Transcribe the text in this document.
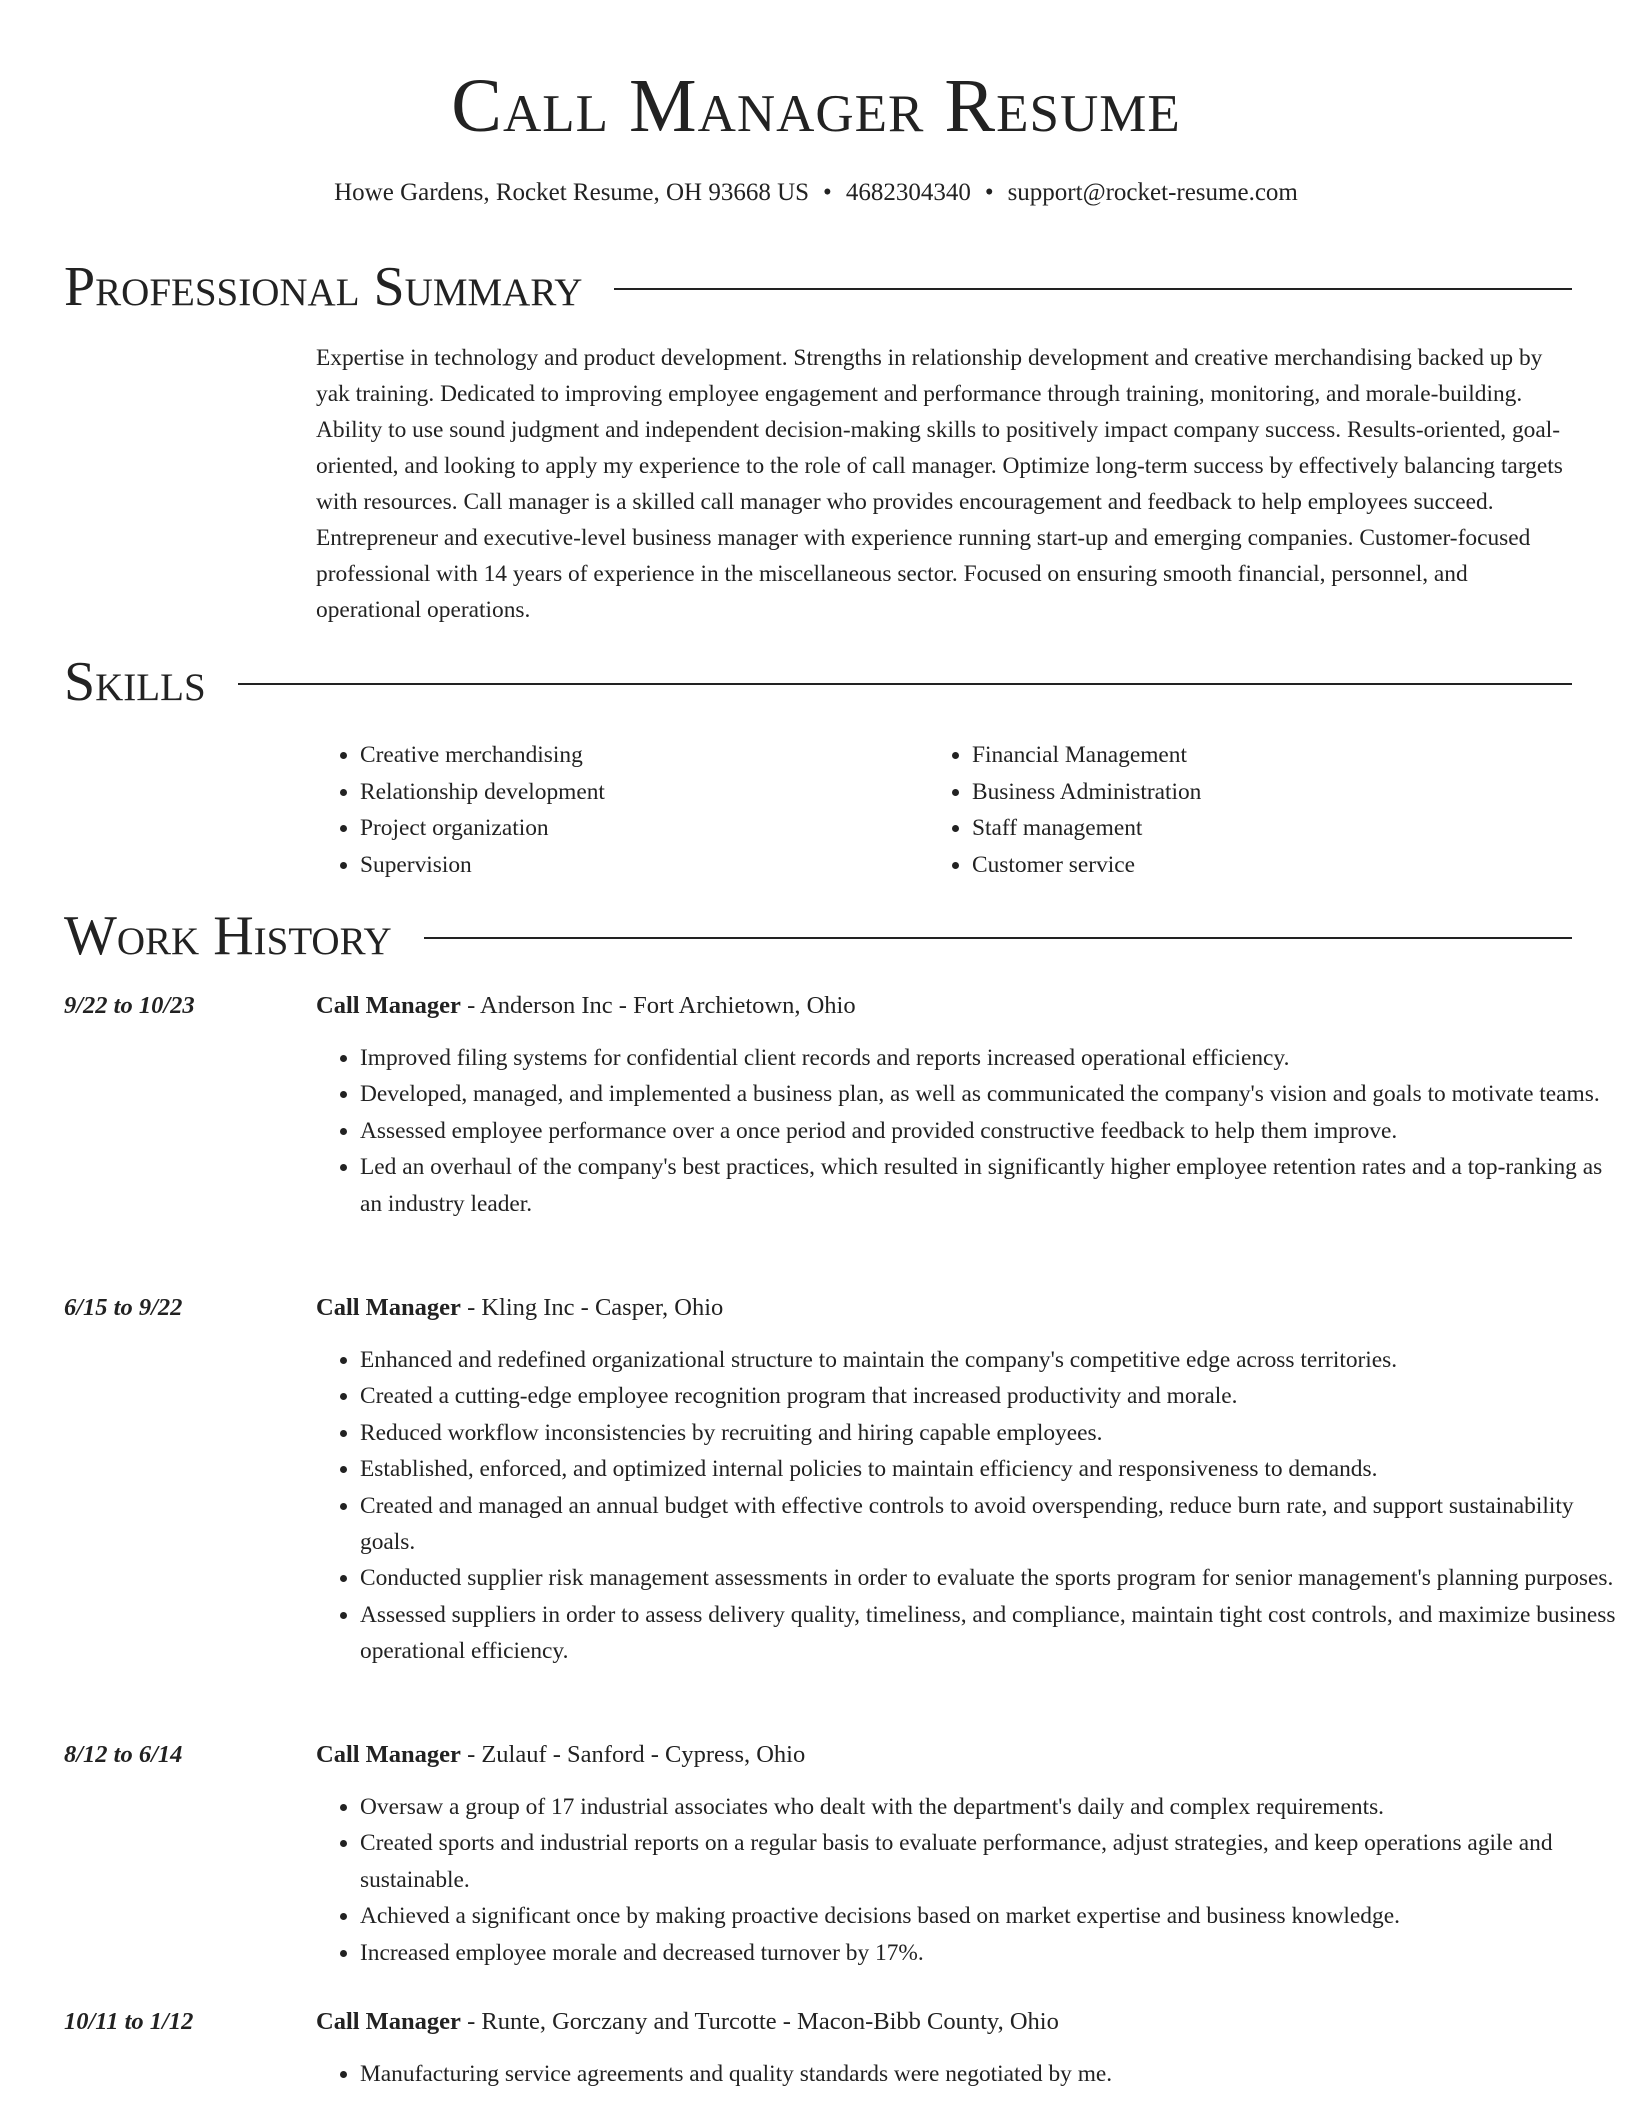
Call Manager Resume
Howe Gardens, Rocket Resume, OH 93668 US • 4682304340 • support@rocket-resume.com
Professional Summary
Expertise in technology and product development. Strengths in relationship development and creative merchandising backed up by yak training. Dedicated to improving employee engagement and performance through training, monitoring, and morale-building. Ability to use sound judgment and independent decision-making skills to positively impact company success. Results-oriented, goal-oriented, and looking to apply my experience to the role of call manager. Optimize long-term success by effectively balancing targets with resources. Call manager is a skilled call manager who provides encouragement and feedback to help employees succeed. Entrepreneur and executive-level business manager with experience running start-up and emerging companies. Customer-focused professional with 14 years of experience in the miscellaneous sector. Focused on ensuring smooth financial, personnel, and operational operations.
Skills
• Creative merchandising
• Relationship development
• Project organization
• Supervision
• Financial Management
• Business Administration
• Staff management
• Customer service
Work History
9/22 to 10/23	Call Manager - Anderson Inc - Fort Archietown, Ohio
• Improved filing systems for confidential client records and reports increased operational efficiency.
• Developed, managed, and implemented a business plan, as well as communicated the company's vision and goals to motivate teams.
• Assessed employee performance over a once period and provided constructive feedback to help them improve.
• Led an overhaul of the company's best practices, which resulted in significantly higher employee retention rates and a top-ranking as an industry leader.
6/15 to 9/22	Call Manager - Kling Inc - Casper, Ohio
• Enhanced and redefined organizational structure to maintain the company's competitive edge across territories.
• Created a cutting-edge employee recognition program that increased productivity and morale.
• Reduced workflow inconsistencies by recruiting and hiring capable employees.
• Established, enforced, and optimized internal policies to maintain efficiency and responsiveness to demands.
• Created and managed an annual budget with effective controls to avoid overspending, reduce burn rate, and support sustainability goals.
• Conducted supplier risk management assessments in order to evaluate the sports program for senior management's planning purposes.
• Assessed suppliers in order to assess delivery quality, timeliness, and compliance, maintain tight cost controls, and maximize business operational efficiency.
8/12 to 6/14	Call Manager - Zulauf - Sanford - Cypress, Ohio
• Oversaw a group of 17 industrial associates who dealt with the department's daily and complex requirements.
• Created sports and industrial reports on a regular basis to evaluate performance, adjust strategies, and keep operations agile and sustainable.
• Achieved a significant once by making proactive decisions based on market expertise and business knowledge.
• Increased employee morale and decreased turnover by 17%.
10/11 to 1/12	Call Manager - Runte, Gorczany and Turcotte - Macon-Bibb County, Ohio
• Manufacturing service agreements and quality standards were negotiated by me.
